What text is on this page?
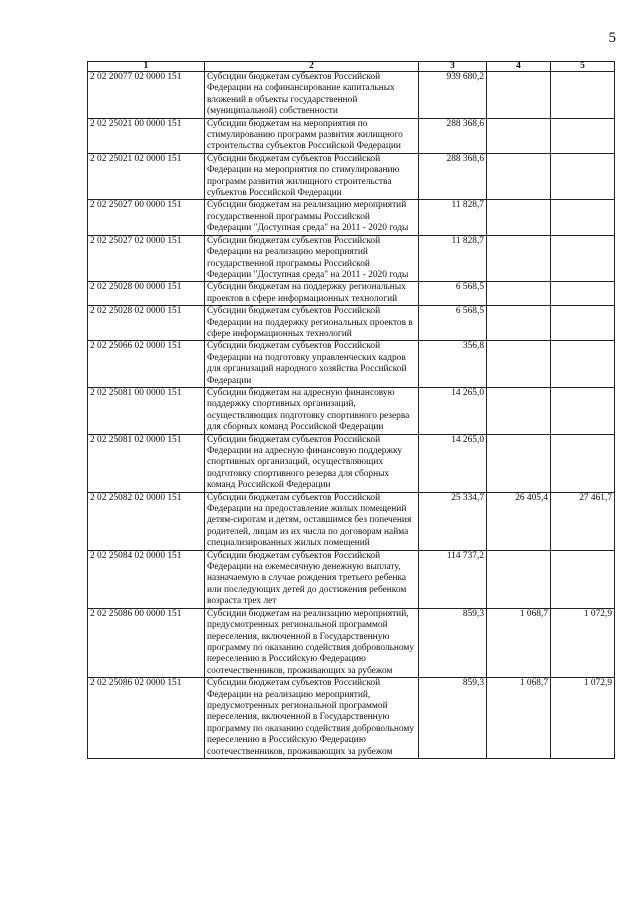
5
1	2	3	4	5
2 02 20077 02 0000 151	Субсидии бюджетам субъектов Российской Федерации на софинансирование капитальных вложений в объекты государственной (муниципальной) собственности	939 680,2		
2 02 25021 00 0000 151	Субсидии бюджетам на мероприятия по стимулированию программ развития жилищного строительства субъектов Российской Федерации	288 368,6		
2 02 25021 02 0000 151	Субсидии бюджетам субъектов Российской Федерации на мероприятия по стимулированию программ развития жилищного строительства субъектов Российской Федерации	288 368,6		
2 02 25027 00 0000 151	Субсидии бюджетам на реализацию мероприятий государственной программы Российской Федерации "Доступная среда" на 2011 - 2020 годы	11 828,7		
2 02 25027 02 0000 151	Субсидии бюджетам субъектов Российской Федерации на реализацию мероприятий государственной программы Российской Федерации "Доступная среда" на 2011 - 2020 годы	11 828,7		
2 02 25028 00 0000 151	Субсидии бюджетам на поддержку региональных проектов в сфере информационных технологий	6 568,5		
2 02 25028 02 0000 151	Субсидии бюджетам субъектов Российской Федерации на поддержку региональных проектов в сфере информационных технологий	6 568,5		
2 02 25066 02 0000 151	Субсидии бюджетам субъектов Российской Федерации на подготовку управленческих кадров для организаций народного хозяйства Российской Федерации	356,8		
2 02 25081 00 0000 151	Субсидии бюджетам на адресную финансовую поддержку спортивных организаций, осуществляющих подготовку спортивного резерва для сборных команд Российской Федерации	14 265,0		
2 02 25081 02 0000 151	Субсидии бюджетам субъектов Российской Федерации на адресную финансовую поддержку спортивных организаций, осуществляющих подготовку спортивного резерва для сборных команд Российской Федерации	14 265,0		
2 02 25082 02 0000 151	Субсидии бюджетам субъектов Российской Федерации на предоставление жилых помещений детям-сиротам и детям, оставшимся без попечения родителей, лицам из их числа по договорам найма специализированных жилых помещений	25 334,7	26 405,4	27 461,7
2 02 25084 02 0000 151	Субсидии бюджетам субъектов Российской Федерации на ежемесячную денежную выплату, назначаемую в случае рождения третьего ребенка или последующих детей до достижения ребенком возраста трех лет	114 737,2		
2 02 25086 00 0000 151	Субсидии бюджетам на реализацию мероприятий, предусмотренных региональной программой переселения, включенной в Государственную программу по оказанию содействия добровольному переселению в Российскую Федерацию соотечественников, проживающих за рубежом	859,3	1 068,7	1 072,9
2 02 25086 02 0000 151	Субсидии бюджетам субъектов Российской Федерации на реализацию мероприятий, предусмотренных региональной программой переселения, включенной в Государственную программу по оказанию содействия добровольному переселению в Российскую Федерацию соотечественников, проживающих за рубежом	859,3	1 068,7	1 072,9
